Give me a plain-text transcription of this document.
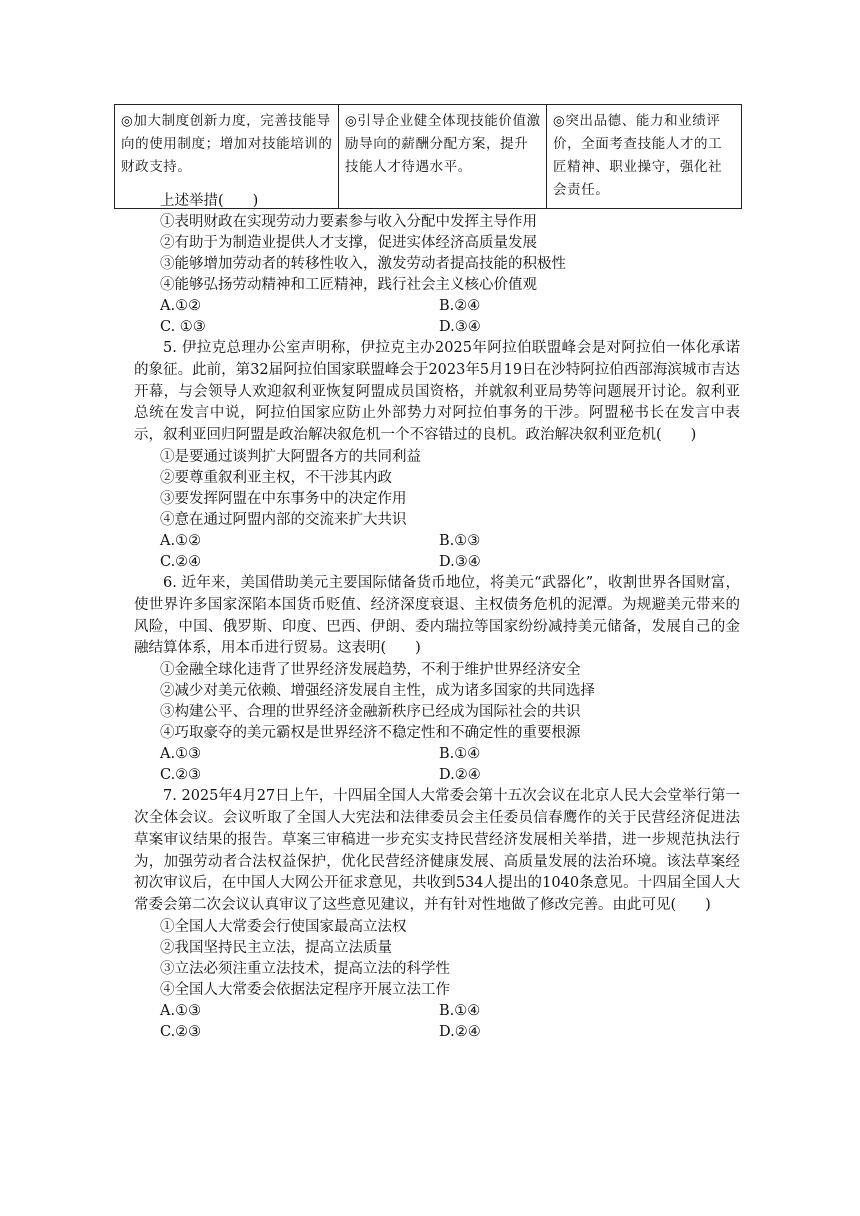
◎加大制度创新力度，完善技能导向的使用制度；增加对技能培训的财政支持。	◎引导企业健全体现技能价值激励导向的薪酬分配方案，提升技能人才待遇水平。	◎突出品德、能力和业绩评价，全面考查技能人才的工匠精神、职业操守，强化社会责任。
上述举措(　　)
①表明财政在实现劳动力要素参与收入分配中发挥主导作用
②有助于为制造业提供人才支撑，促进实体经济高质量发展
③能够增加劳动者的转移性收入，激发劳动者提高技能的积极性
④能够弘扬劳动精神和工匠精神，践行社会主义核心价值观
A.①②	B.②④
C. ①③	D.③④
5. 伊拉克总理办公室声明称，伊拉克主办2025年阿拉伯联盟峰会是对阿拉伯一体化承诺的象征。此前，第32届阿拉伯国家联盟峰会于2023年5月19日在沙特阿拉伯西部海滨城市吉达开幕，与会领导人欢迎叙利亚恢复阿盟成员国资格，并就叙利亚局势等问题展开讨论。叙利亚总统在发言中说，阿拉伯国家应防止外部势力对阿拉伯事务的干涉。阿盟秘书长在发言中表示，叙利亚回归阿盟是政治解决叙危机一个不容错过的良机。政治解决叙利亚危机(　　)
①是要通过谈判扩大阿盟各方的共同利益
②要尊重叙利亚主权，不干涉其内政
③要发挥阿盟在中东事务中的决定作用
④意在通过阿盟内部的交流来扩大共识
A.①②	B.①③
C.②④	D.③④
6. 近年来，美国借助美元主要国际储备货币地位，将美元“武器化”，收割世界各国财富，使世界许多国家深陷本国货币贬值、经济深度衰退、主权债务危机的泥潭。为规避美元带来的风险，中国、俄罗斯、印度、巴西、伊朗、委内瑞拉等国家纷纷减持美元储备，发展自己的金融结算体系，用本币进行贸易。这表明(　　)
①金融全球化违背了世界经济发展趋势，不利于维护世界经济安全
②减少对美元依赖、增强经济发展自主性，成为诸多国家的共同选择
③构建公平、合理的世界经济金融新秩序已经成为国际社会的共识
④巧取豪夺的美元霸权是世界经济不稳定性和不确定性的重要根源
A.①③	B.①④
C.②③	D.②④
7. 2025年4月27日上午，十四届全国人大常委会第十五次会议在北京人民大会堂举行第一次全体会议。会议听取了全国人大宪法和法律委员会主任委员信春鹰作的关于民营经济促进法草案审议结果的报告。草案三审稿进一步充实支持民营经济发展相关举措，进一步规范执法行为，加强劳动者合法权益保护，优化民营经济健康发展、高质量发展的法治环境。该法草案经初次审议后，在中国人大网公开征求意见，共收到534人提出的1040条意见。十四届全国人大常委会第二次会议认真审议了这些意见建议，并有针对性地做了修改完善。由此可见(　　)
①全国人大常委会行使国家最高立法权
②我国坚持民主立法，提高立法质量
③立法必须注重立法技术，提高立法的科学性
④全国人大常委会依据法定程序开展立法工作
A.①③	B.①④
C.②③	D.②④
